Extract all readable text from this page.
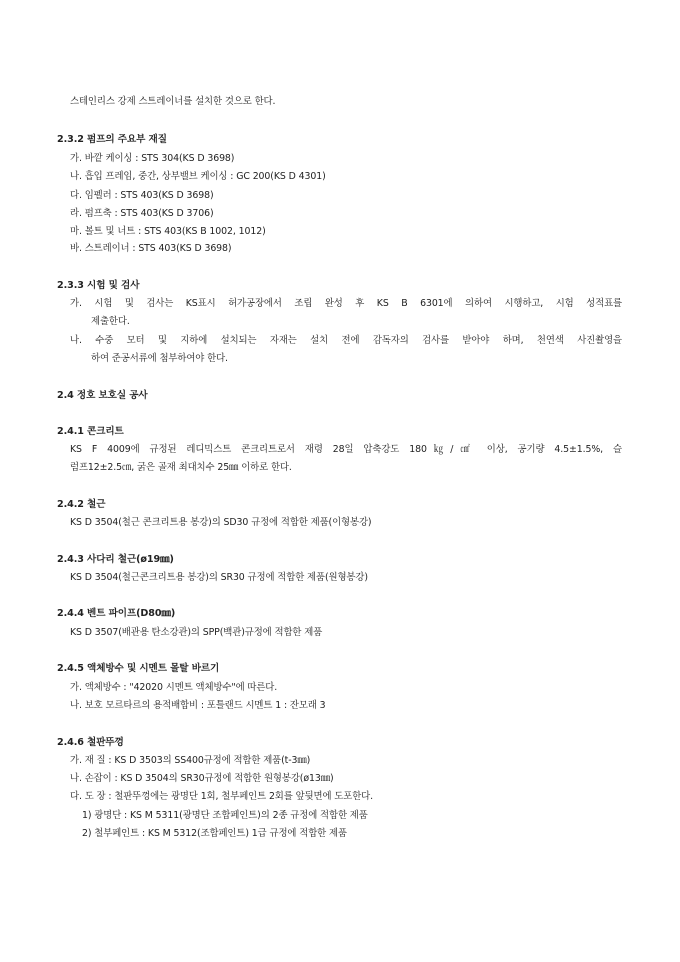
스테인리스 강제 스트레이너를 설치한 것으로 한다.
2.3.2 펌프의 주요부 재질
가. 바깥 케이싱 : STS 304(KS D 3698)
나. 흡입 프레임, 중간, 상부밸브 케이싱 : GC 200(KS D 4301)
다. 임펠러 : STS 403(KS D 3698)
라. 펌프축 : STS 403(KS D 3706)
마. 볼트 및 너트 : STS 403(KS B 1002, 1012)
바. 스트레이너 : STS 403(KS D 3698)
2.3.3 시험 및 검사
가. 시험 및 검사는 KS표시 허가공장에서 조립 완성 후 KS B 6301에 의하여 시행하고, 시험 성적표를
제출한다.
나. 수중 모터 및 지하에 설치되는 자재는 설치 전에 감독자의 검사를 받아야 하며, 천연색 사진촬영을
하여 준공서류에 첨부하여야 한다.
2.4 정호 보호실 공사
2.4.1 콘크리트
KS F 4009에 규정된 레디믹스트 콘크리트로서 재령 28일 압축강도 180㎏/㎠ 이상, 공기량 4.5±1.5%, 슬
럼프12±2.5㎝, 굵은 골재 최대치수 25㎜ 이하로 한다.
2.4.2 철근
KS D 3504(철근 콘크리트용 봉강)의 SD30 규정에 적합한 제품(이형봉강)
2.4.3 사다리 철근(ø19㎜)
KS D 3504(철근콘크리트용 봉강)의 SR30 규정에 적합한 제품(원형봉강)
2.4.4 벤트 파이프(D80㎜)
KS D 3507(배관용 탄소강관)의 SPP(백관)규정에 적합한 제품
2.4.5 액체방수 및 시멘트 몰탈 바르기
가. 액체방수 : "42020 시멘트 액체방수"에 따른다.
나. 보호 모르타르의 용적배합비 : 포틀랜드 시멘트 1 : 잔모래 3
2.4.6 철판뚜껑
가. 재 질 : KS D 3503의 SS400규정에 적합한 제품(t-3㎜)
나. 손잡이 : KS D 3504의 SR30규정에 적합한 원형봉강(ø13㎜)
다. 도 장 : 철판뚜껑에는 광명단 1회, 철부페인트 2회를 앞뒷면에 도포한다.
1) 광명단 : KS M 5311(광명단 조합페인트)의 2종 규정에 적합한 제품
2) 철부페인트 : KS M 5312(조합페인트) 1급 규정에 적합한 제품
